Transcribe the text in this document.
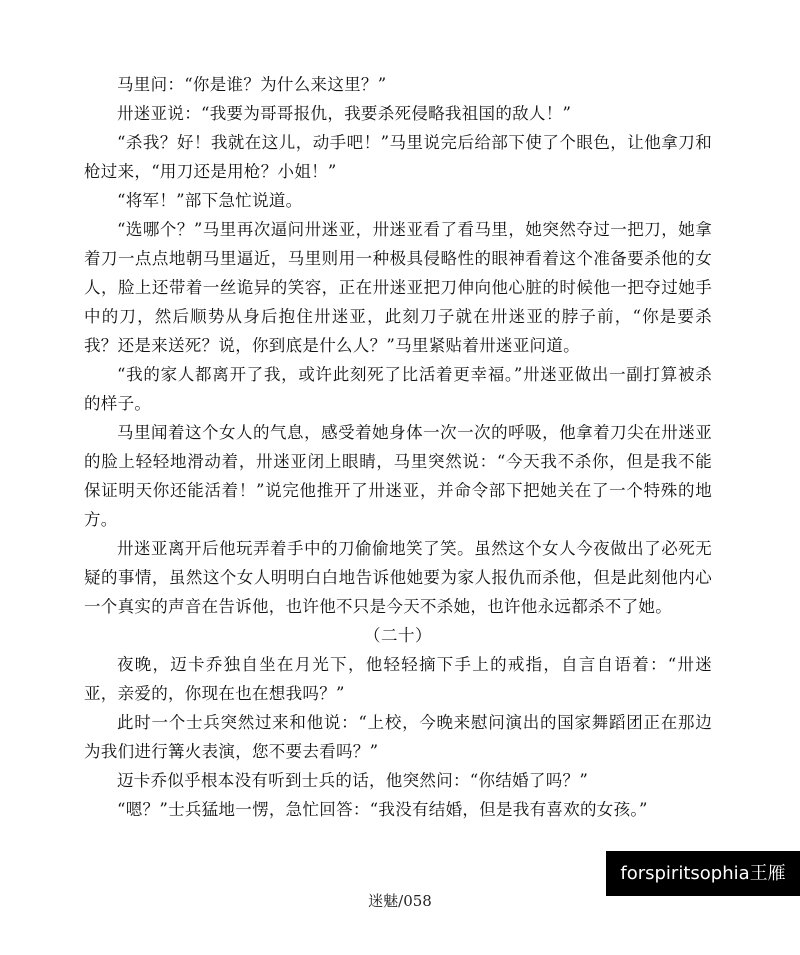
马里问：“你是谁？为什么来这里？”

卅迷亚说：“我要为哥哥报仇，我要杀死侵略我祖国的敌人！”

“杀我？好！我就在这儿，动手吧！”马里说完后给部下使了个眼色，让他拿刀和枪过来，“用刀还是用枪？小姐！”

“将军！”部下急忙说道。

“选哪个？”马里再次逼问卅迷亚，卅迷亚看了看马里，她突然夺过一把刀，她拿着刀一点点地朝马里逼近，马里则用一种极具侵略性的眼神看着这个准备要杀他的女人，脸上还带着一丝诡异的笑容，正在卅迷亚把刀伸向他心脏的时候他一把夺过她手中的刀，然后顺势从身后抱住卅迷亚，此刻刀子就在卅迷亚的脖子前，“你是要杀我？还是来送死？说，你到底是什么人？”马里紧贴着卅迷亚问道。

“我的家人都离开了我，或许此刻死了比活着更幸福。”卅迷亚做出一副打算被杀的样子。

马里闻着这个女人的气息，感受着她身体一次一次的呼吸，他拿着刀尖在卅迷亚的脸上轻轻地滑动着，卅迷亚闭上眼睛，马里突然说：“今天我不杀你，但是我不能保证明天你还能活着！”说完他推开了卅迷亚，并命令部下把她关在了一个特殊的地方。

卅迷亚离开后他玩弄着手中的刀偷偷地笑了笑。虽然这个女人今夜做出了必死无疑的事情，虽然这个女人明明白白地告诉他她要为家人报仇而杀他，但是此刻他内心一个真实的声音在告诉他，也许他不只是今天不杀她，也许他永远都杀不了她。

（二十）

夜晚，迈卡乔独自坐在月光下，他轻轻摘下手上的戒指，自言自语着：“卅迷亚，亲爱的，你现在也在想我吗？”

此时一个士兵突然过来和他说：“上校，今晚来慰问演出的国家舞蹈团正在那边为我们进行篝火表演，您不要去看吗？”

迈卡乔似乎根本没有听到士兵的话，他突然问：“你结婚了吗？”

“嗯？”士兵猛地一愣，急忙回答：“我没有结婚，但是我有喜欢的女孩。”

forspiritsophia王雁
迷魅/058
